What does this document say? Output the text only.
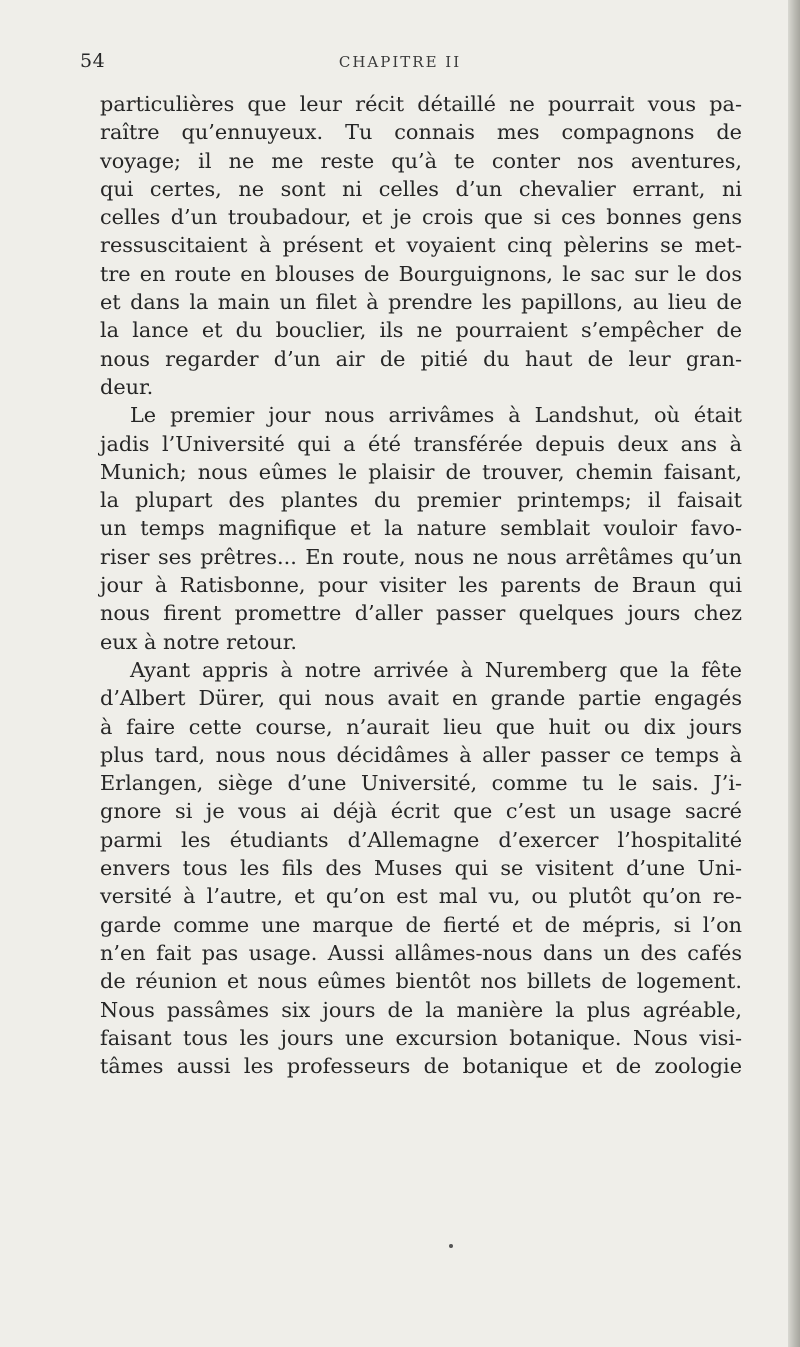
54	CHAPITRE II
particulières que leur récit détaillé ne pourrait vous pa-
raître qu’ennuyeux. Tu connais mes compagnons de
voyage; il ne me reste qu’à te conter nos aventures,
qui certes, ne sont ni celles d’un chevalier errant, ni
celles d’un troubadour, et je crois que si ces bonnes gens
ressuscitaient à présent et voyaient cinq pèlerins se met-
tre en route en blouses de Bourguignons, le sac sur le dos
et dans la main un filet à prendre les papillons, au lieu de
la lance et du bouclier, ils ne pourraient s’empêcher de
nous regarder d’un air de pitié du haut de leur gran-
deur.
Le premier jour nous arrivâmes à Landshut, où était
jadis l’Université qui a été transférée depuis deux ans à
Munich; nous eûmes le plaisir de trouver, chemin faisant,
la plupart des plantes du premier printemps; il faisait
un temps magnifique et la nature semblait vouloir favo-
riser ses prêtres... En route, nous ne nous arrêtâmes qu’un
jour à Ratisbonne, pour visiter les parents de Braun qui
nous firent promettre d’aller passer quelques jours chez
eux à notre retour.
Ayant appris à notre arrivée à Nuremberg que la fête
d’Albert Dürer, qui nous avait en grande partie engagés
à faire cette course, n’aurait lieu que huit ou dix jours
plus tard, nous nous décidâmes à aller passer ce temps à
Erlangen, siège d’une Université, comme tu le sais. J’i-
gnore si je vous ai déjà écrit que c’est un usage sacré
parmi les étudiants d’Allemagne d’exercer l’hospitalité
envers tous les fils des Muses qui se visitent d’une Uni-
versité à l’autre, et qu’on est mal vu, ou plutôt qu’on re-
garde comme une marque de fierté et de mépris, si l’on
n’en fait pas usage. Aussi allâmes-nous dans un des cafés
de réunion et nous eûmes bientôt nos billets de logement.
Nous passâmes six jours de la manière la plus agréable,
faisant tous les jours une excursion botanique. Nous visi-
tâmes aussi les professeurs de botanique et de zoologie
